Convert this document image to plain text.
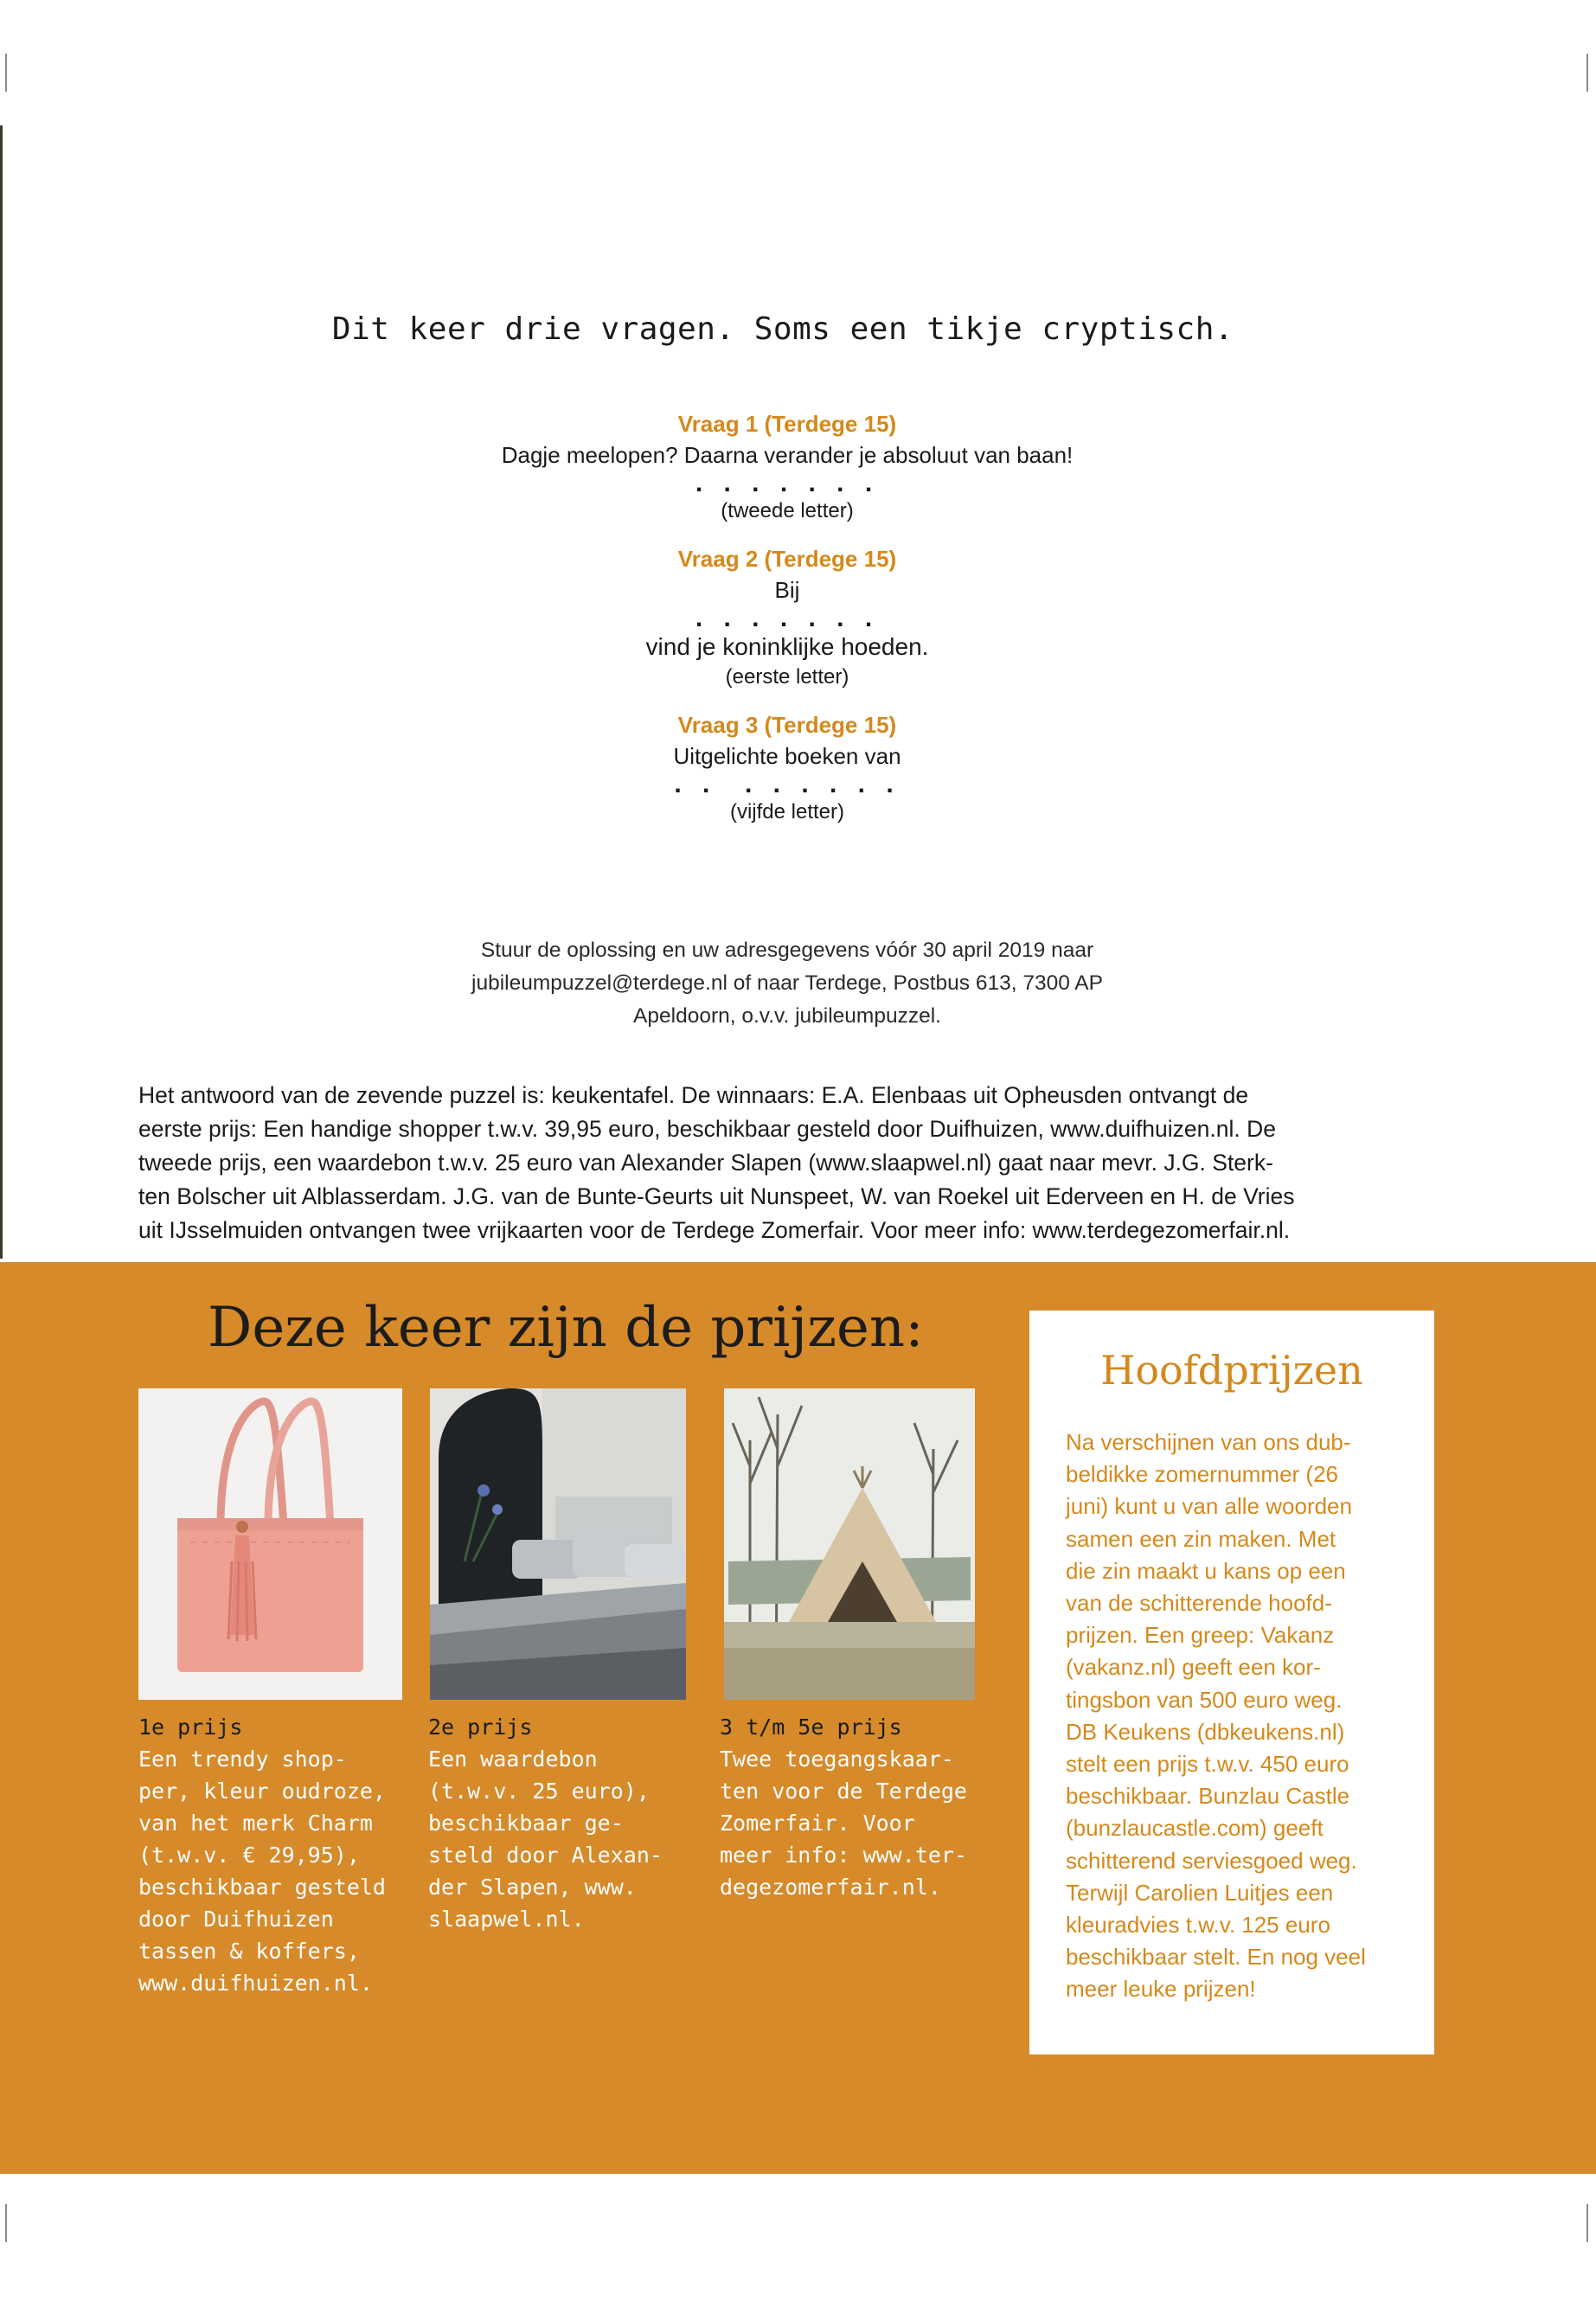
Dit keer drie vragen. Soms een tikje cryptisch.
Vraag 1 (Terdege 15)
Dagje meelopen? Daarna verander je absoluut van baan!
. . . . . . .
(tweede letter)
Vraag 2 (Terdege 15)
Bij
. . . . . . .
vind je koninklijke hoeden.
(eerste letter)
Vraag 3 (Terdege 15)
Uitgelichte boeken van
. .  . . . . . .
(vijfde letter)
Stuur de oplossing en uw adresgegevens vóór 30 april 2019 naar
jubileumpuzzel@terdege.nl of naar Terdege, Postbus 613, 7300 AP
Apeldoorn, o.v.v. jubileumpuzzel.
Het antwoord van de zevende puzzel is: keukentafel. De winnaars: E.A. Elenbaas uit Opheusden ontvangt de
eerste prijs: Een handige shopper t.w.v. 39,95 euro, beschikbaar gesteld door Duifhuizen, www.duifhuizen.nl. De
tweede prijs, een waardebon t.w.v. 25 euro van Alexander Slapen (www.slaapwel.nl) gaat naar mevr. J.G. Sterk-
ten Bolscher uit Alblasserdam. J.G. van de Bunte-Geurts uit Nunspeet, W. van Roekel uit Ederveen en H. de Vries
uit IJsselmuiden ontvangen twee vrijkaarten voor de Terdege Zomerfair. Voor meer info: www.terdegezomerfair.nl.
Deze keer zijn de prijzen:
1e prijs
Een trendy shop-
per, kleur oudroze,
van het merk Charm
(t.w.v. € 29,95),
beschikbaar gesteld
door Duifhuizen
tassen & koffers,
www.duifhuizen.nl.
2e prijs
Een waardebon
(t.w.v. 25 euro),
beschikbaar ge-
steld door Alexan-
der Slapen, www.
slaapwel.nl.
3 t/m 5e prijs
Twee toegangskaar-
ten voor de Terdege
Zomerfair. Voor
meer info: www.ter-
degezomerfair.nl.
Hoofdprijzen
Na verschijnen van ons dub-
beldikke zomernummer (26
juni) kunt u van alle woorden
samen een zin maken. Met
die zin maakt u kans op een
van de schitterende hoofd-
prijzen. Een greep: Vakanz
(vakanz.nl) geeft een kor-
tingsbon van 500 euro weg.
DB Keukens (dbkeukens.nl)
stelt een prijs t.w.v. 450 euro
beschikbaar. Bunzlau Castle
(bunzlaucastle.com) geeft
schitterend serviesgoed weg.
Terwijl Carolien Luitjes een
kleuradvies t.w.v. 125 euro
beschikbaar stelt. En nog veel
meer leuke prijzen!
